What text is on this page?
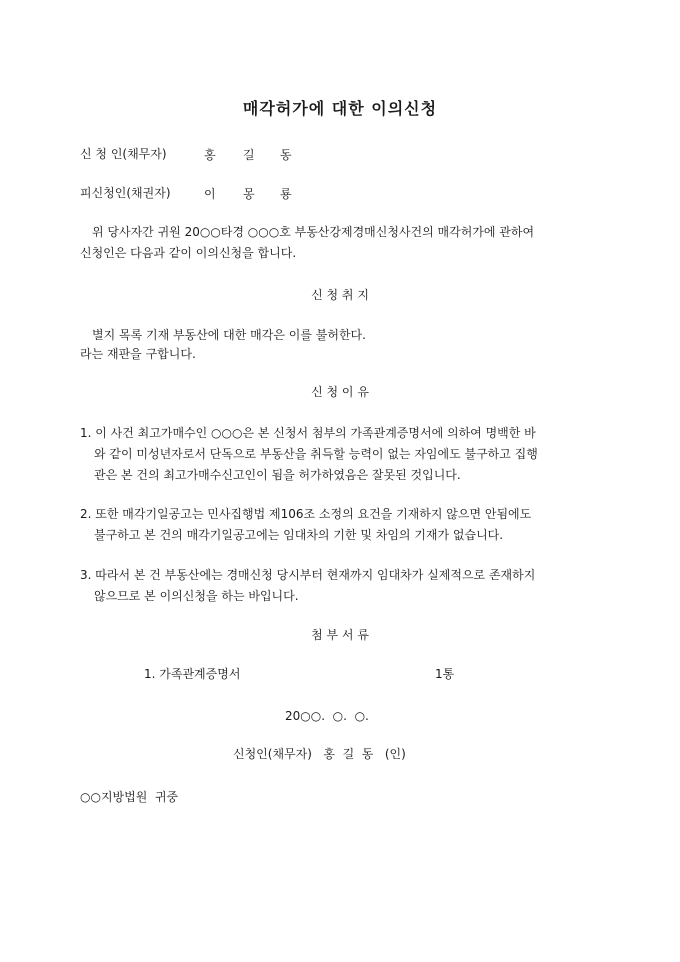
매각허가에 대한 이의신청
신 청 인(채무자)	홍 길 동
피신청인(채권자)	이 몽 룡
위 당사자간 귀원 20○○타경 ○○○호 부동산강제경매신청사건의 매각허가에 관하여
신청인은 다음과 같이 이의신청을 합니다.
신 청 취 지
별지 목록 기재 부동산에 대한 매각은 이를 불허한다.
라는 재판을 구합니다.
신 청 이 유
1. 이 사건 최고가매수인 ○○○은 본 신청서 첨부의 가족관계증명서에 의하여 명백한 바
와 같이 미성년자로서 단독으로 부동산을 취득할 능력이 없는 자임에도 불구하고 집행
관은 본 건의 최고가매수신고인이 됨을 허가하였음은 잘못된 것입니다.
2. 또한 매각기일공고는 민사집행법 제106조 소정의 요건을 기재하지 않으면 안됨에도
불구하고 본 건의 매각기일공고에는 임대차의 기한 및 차임의 기재가 없습니다.
3. 따라서 본 건 부동산에는 경매신청 당시부터 현재까지 임대차가 실제적으로 존재하지
않으므로 본 이의신청을 하는 바입니다.
첨 부 서 류
1. 가족관계증명서	1통
20○○.  ○.  ○.
신청인(채무자)   홍  길  동   (인)
○○지방법원  귀중
